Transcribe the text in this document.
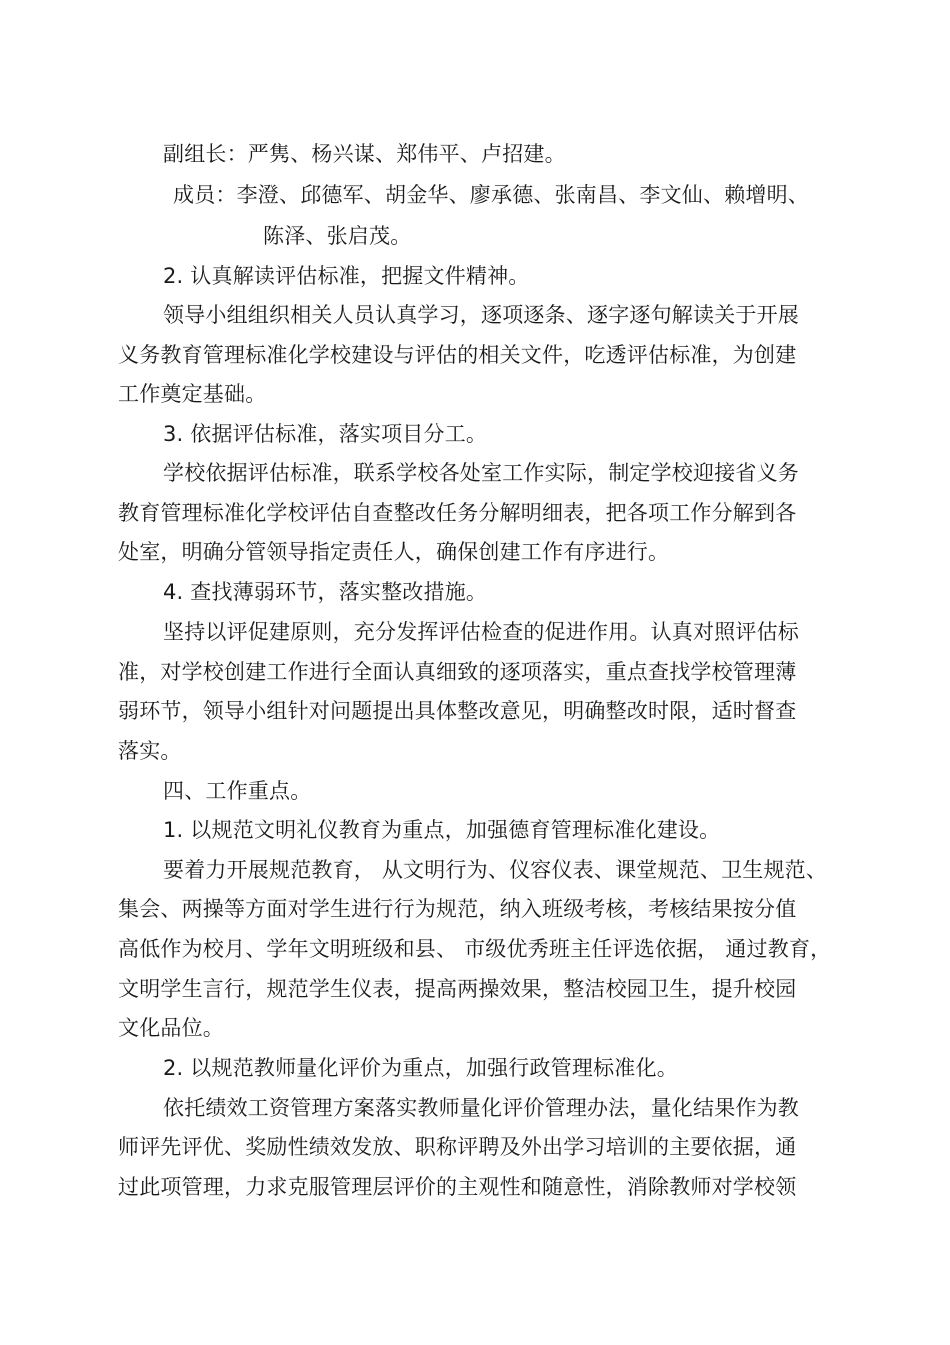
副组长：严隽、杨兴谋、郑伟平、卢招建。
成员：李澄、邱德军、胡金华、廖承德、张南昌、李文仙、赖增明、
陈泽、张启茂。
2. 认真解读评估标准，把握文件精神。
领导小组组织相关人员认真学习，逐项逐条、逐字逐句解读关于开展
义务教育管理标准化学校建设与评估的相关文件，吃透评估标准，为创建
工作奠定基础。
3. 依据评估标准，落实项目分工。
学校依据评估标准，联系学校各处室工作实际，制定学校迎接省义务
教育管理标准化学校评估自查整改任务分解明细表，把各项工作分解到各
处室，明确分管领导指定责任人，确保创建工作有序进行。
4. 查找薄弱环节，落实整改措施。
坚持以评促建原则，充分发挥评估检查的促进作用。认真对照评估标
准，对学校创建工作进行全面认真细致的逐项落实，重点查找学校管理薄
弱环节，领导小组针对问题提出具体整改意见，明确整改时限，适时督查
落实。
四、工作重点。
1. 以规范文明礼仪教育为重点，加强德育管理标准化建设。
要着力开展规范教育， 从文明行为、仪容仪表、课堂规范、卫生规范、
集会、两操等方面对学生进行行为规范，纳入班级考核，考核结果按分值
高低作为校月、学年文明班级和县、 市级优秀班主任评选依据， 通过教育，
文明学生言行，规范学生仪表，提高两操效果，整洁校园卫生，提升校园
文化品位。
2. 以规范教师量化评价为重点，加强行政管理标准化。
依托绩效工资管理方案落实教师量化评价管理办法，量化结果作为教
师评先评优、奖励性绩效发放、职称评聘及外出学习培训的主要依据，通
过此项管理，力求克服管理层评价的主观性和随意性，消除教师对学校领
